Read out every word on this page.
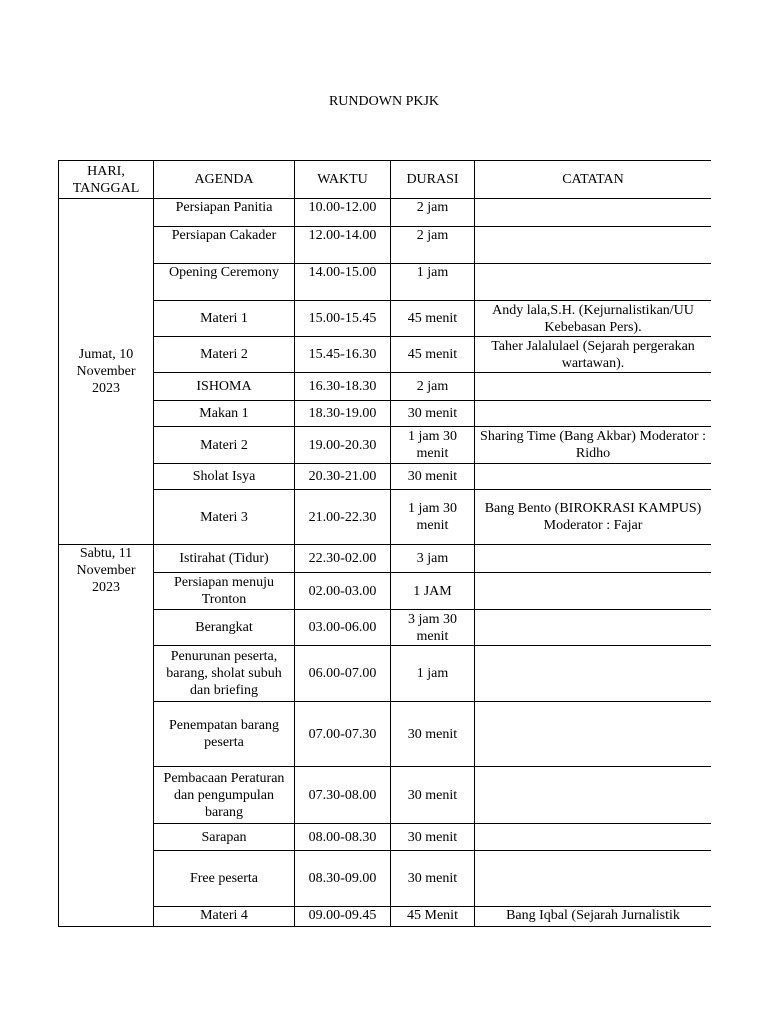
RUNDOWN PKJK
HARI, TANGGAL	AGENDA	WAKTU	DURASI	CATATAN
Jumat, 10 November 2023	Persiapan Panitia	10.00-12.00	2 jam	
	Persiapan Cakader	12.00-14.00	2 jam	
	Opening Ceremony	14.00-15.00	1 jam	
	Materi 1	15.00-15.45	45 menit	Andy lala,S.H. (Kejurnalistikan/UU Kebebasan Pers).
	Materi 2	15.45-16.30	45 menit	Taher Jalalulael (Sejarah pergerakan wartawan).
	ISHOMA	16.30-18.30	2 jam	
	Makan 1	18.30-19.00	30 menit	
	Materi 2	19.00-20.30	1 jam 30 menit	Sharing Time (Bang Akbar) Moderator : Ridho
	Sholat Isya	20.30-21.00	30 menit	
	Materi 3	21.00-22.30	1 jam 30 menit	Bang Bento (BIROKRASI KAMPUS) Moderator : Fajar
Sabtu, 11 November 2023	Istirahat (Tidur)	22.30-02.00	3 jam	
	Persiapan menuju Tronton	02.00-03.00	1 JAM	
	Berangkat	03.00-06.00	3 jam 30 menit	
	Penurunan peserta, barang, sholat subuh dan briefing	06.00-07.00	1 jam	
	Penempatan barang peserta	07.00-07.30	30 menit	
	Pembacaan Peraturan dan pengumpulan barang	07.30-08.00	30 menit	
	Sarapan	08.00-08.30	30 menit	
	Free peserta	08.30-09.00	30 menit	
	Materi 4	09.00-09.45	45 Menit	Bang Iqbal (Sejarah Jurnalistik
